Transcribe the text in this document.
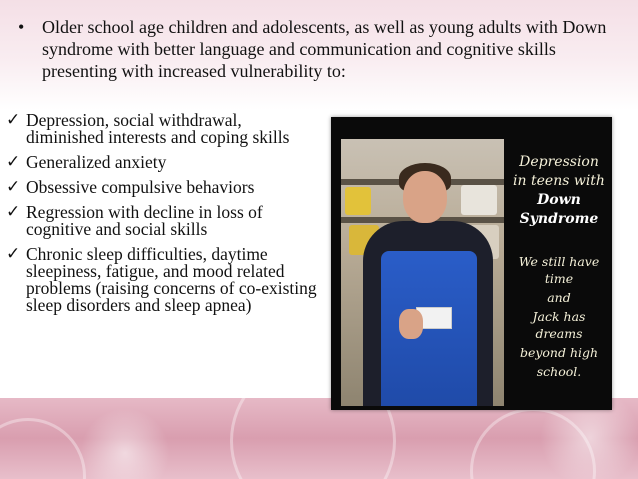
• Older school age children and adolescents, as well as young adults with Down syndrome with better language and communication and cognitive skills presenting with increased vulnerability to:
✓ Depression, social withdrawal, diminished interests and coping skills
✓ Generalized anxiety
✓ Obsessive compulsive behaviors
✓ Regression with decline in loss of cognitive and social skills
✓ Chronic sleep difficulties, daytime sleepiness, fatigue, and mood related problems (raising concerns of co-existing sleep disorders and sleep apnea)
Depression
in teens with
Down Syndrome
We still have time
and
Jack has dreams
beyond high
school.
